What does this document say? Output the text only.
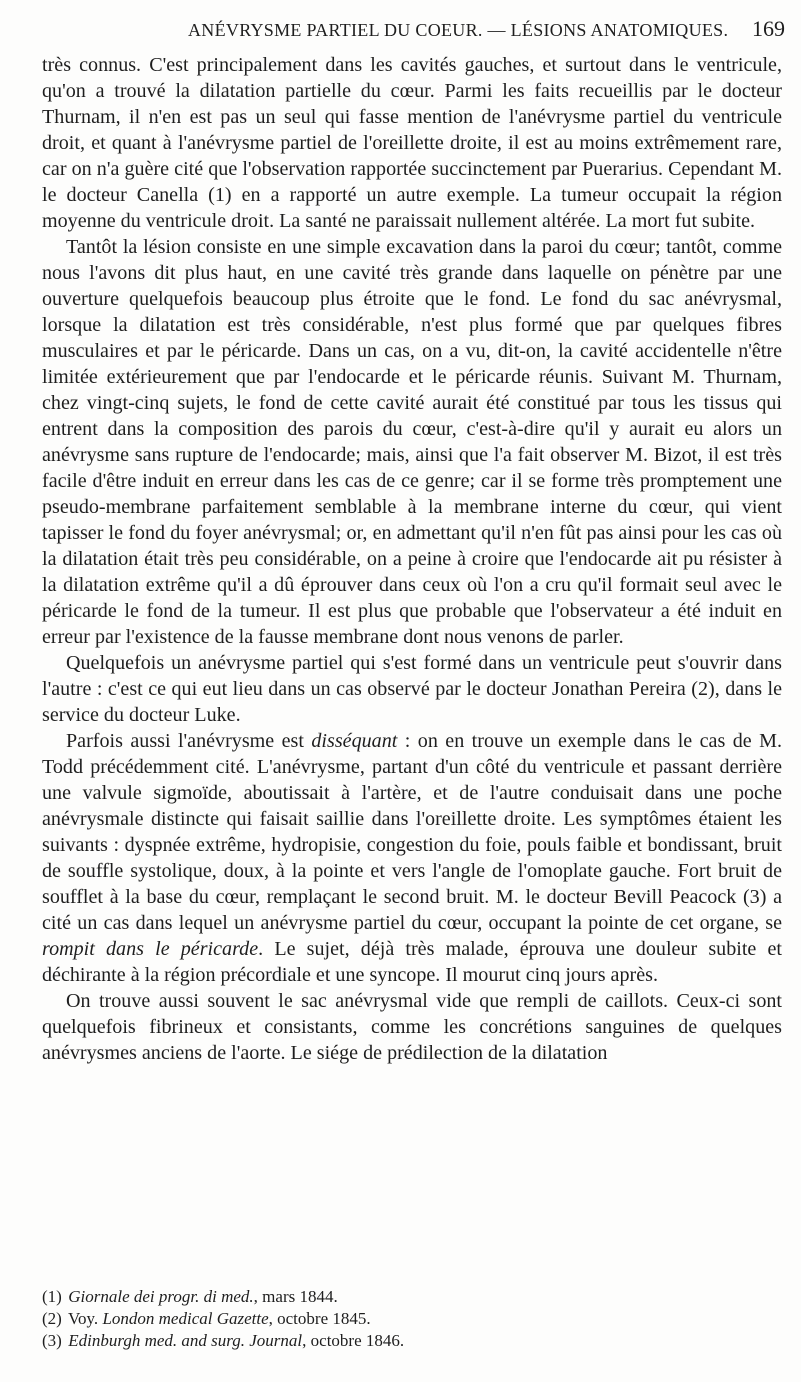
ANÉVRYSME PARTIEL DU COEUR. — LÉSIONS ANATOMIQUES. 169

très connus. C'est principalement dans les cavités gauches, et surtout dans le ventricule, qu'on a trouvé la dilatation partielle du cœur. Parmi les faits recueillis par le docteur Thurnam, il n'en est pas un seul qui fasse mention de l'anévrysme partiel du ventricule droit, et quant à l'anévrysme partiel de l'oreillette droite, il est au moins extrêmement rare, car on n'a guère cité que l'observation rapportée succinctement par Puerarius. Cependant M. le docteur Canella (1) en a rapporté un autre exemple. La tumeur occupait la région moyenne du ventricule droit. La santé ne paraissait nullement altérée. La mort fut subite.

Tantôt la lésion consiste en une simple excavation dans la paroi du cœur; tantôt, comme nous l'avons dit plus haut, en une cavité très grande dans laquelle on pénètre par une ouverture quelquefois beaucoup plus étroite que le fond. Le fond du sac anévrysmal, lorsque la dilatation est très considérable, n'est plus formé que par quelques fibres musculaires et par le péricarde. Dans un cas, on a vu, dit-on, la cavité accidentelle n'être limitée extérieurement que par l'endocarde et le péricarde réunis. Suivant M. Thurnam, chez vingt-cinq sujets, le fond de cette cavité aurait été constitué par tous les tissus qui entrent dans la composition des parois du cœur, c'est-à-dire qu'il y aurait eu alors un anévrysme sans rupture de l'endocarde; mais, ainsi que l'a fait observer M. Bizot, il est très facile d'être induit en erreur dans les cas de ce genre; car il se forme très promptement une pseudo-membrane parfaitement semblable à la membrane interne du cœur, qui vient tapisser le fond du foyer anévrysmal; or, en admettant qu'il n'en fût pas ainsi pour les cas où la dilatation était très peu considérable, on a peine à croire que l'endocarde ait pu résister à la dilatation extrême qu'il a dû éprouver dans ceux où l'on a cru qu'il formait seul avec le péricarde le fond de la tumeur. Il est plus que probable que l'observateur a été induit en erreur par l'existence de la fausse membrane dont nous venons de parler.

Quelquefois un anévrysme partiel qui s'est formé dans un ventricule peut s'ouvrir dans l'autre : c'est ce qui eut lieu dans un cas observé par le docteur Jonathan Pereira (2), dans le service du docteur Luke.

Parfois aussi l'anévrysme est disséquant : on en trouve un exemple dans le cas de M. Todd précédemment cité. L'anévrysme, partant d'un côté du ventricule et passant derrière une valvule sigmoïde, aboutissait à l'artère, et de l'autre conduisait dans une poche anévrysmale distincte qui faisait saillie dans l'oreillette droite. Les symptômes étaient les suivants : dyspnée extrême, hydropisie, congestion du foie, pouls faible et bondissant, bruit de souffle systolique, doux, à la pointe et vers l'angle de l'omoplate gauche. Fort bruit de soufflet à la base du cœur, remplaçant le second bruit. M. le docteur Bevill Peacock (3) a cité un cas dans lequel un anévrysme partiel du cœur, occupant la pointe de cet organe, se rompit dans le péricarde. Le sujet, déjà très malade, éprouva une douleur subite et déchirante à la région précordiale et une syncope. Il mourut cinq jours après.

On trouve aussi souvent le sac anévrysmal vide que rempli de caillots. Ceux-ci sont quelquefois fibrineux et consistants, comme les concrétions sanguines de quelques anévrysmes anciens de l'aorte. Le siége de prédilection de la dilatation

(1) Giornale dei progr. di med., mars 1844.
(2) Voy. London medical Gazette, octobre 1845.
(3) Edinburgh med. and surg. Journal, octobre 1846.
